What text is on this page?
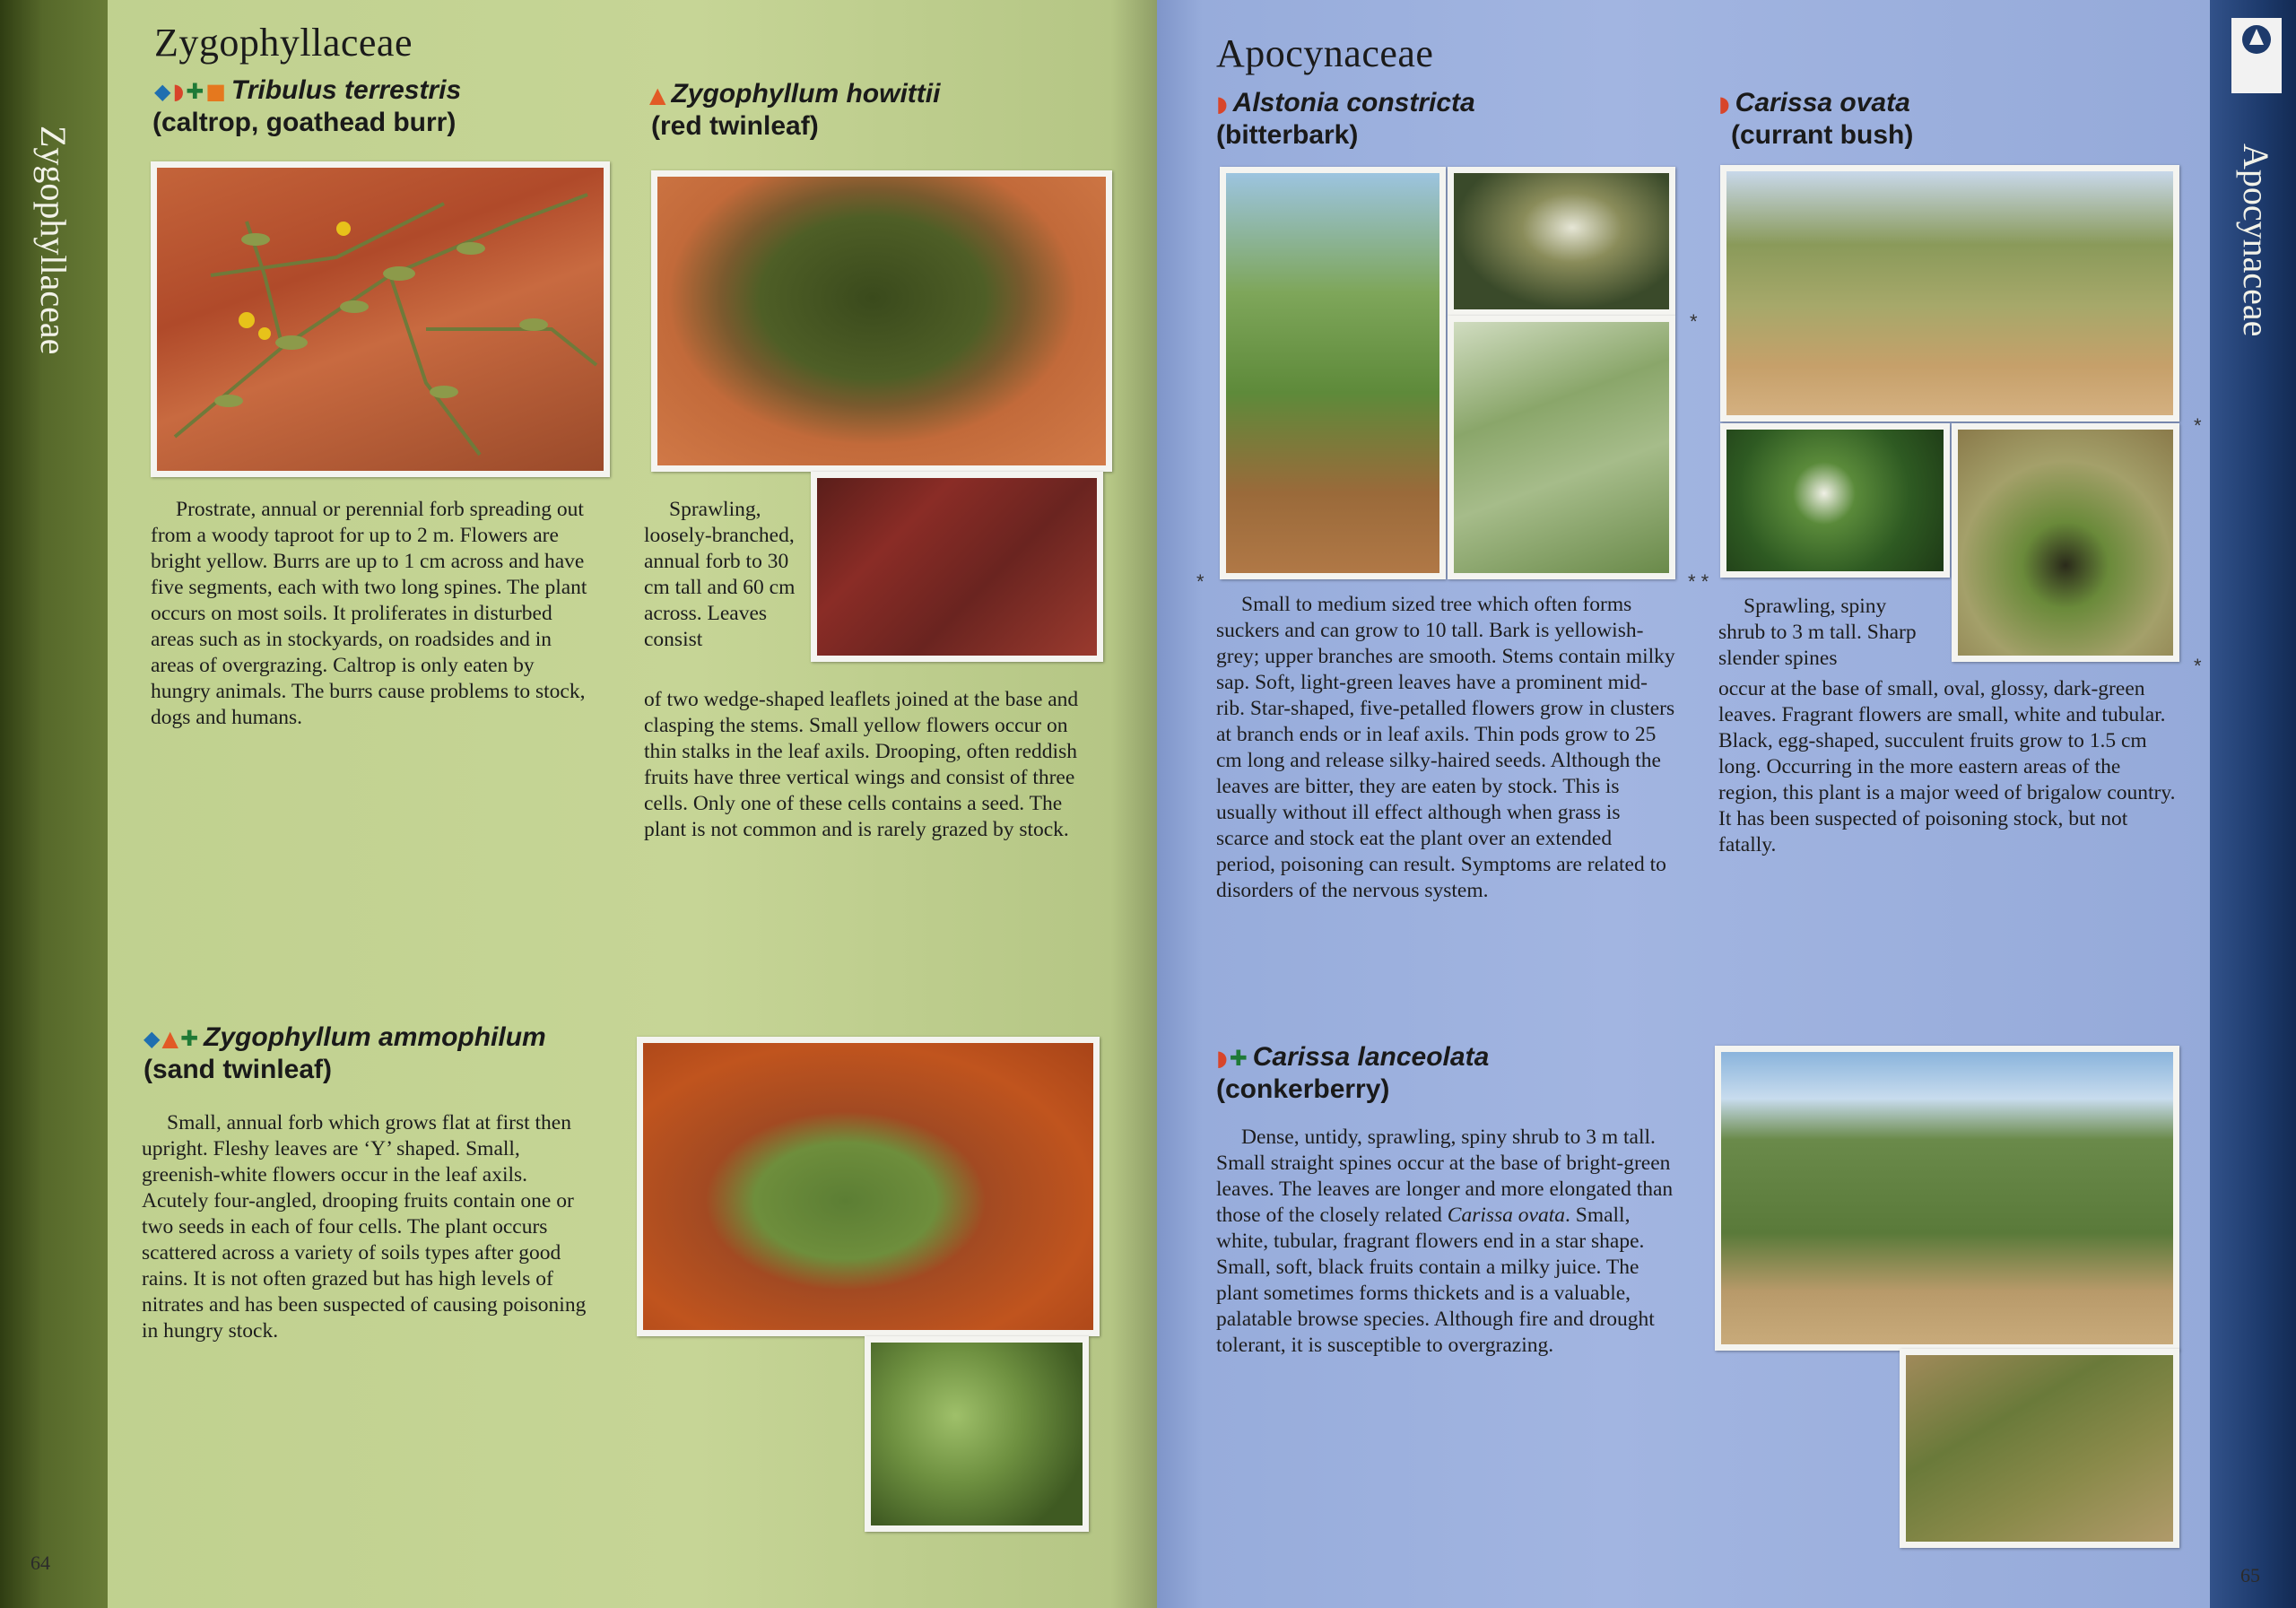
Zygophyllaceae
Zygophyllaceae
◆◗✚■ Tribulus terrestris
(caltrop, goathead burr)

Prostrate, annual or perennial forb spreading out from a woody taproot for up to 2 m. Flowers are bright yellow. Burrs are up to 1 cm across and have five segments, each with two long spines. The plant occurs on most soils. It proliferates in disturbed areas such as in stockyards, on roadsides and in areas of overgrazing. Caltrop is only eaten by hungry animals. The burrs cause problems to stock, dogs and humans.

▲ Zygophyllum howittii
(red twinleaf)

Sprawling, loosely-branched, annual forb to 30 cm tall and 60 cm across. Leaves consist

of two wedge-shaped leaflets joined at the base and clasping the stems. Small yellow flowers occur on thin stalks in the leaf axils. Drooping, often reddish fruits have three vertical wings and consist of three cells. Only one of these cells contains a seed. The plant is not common and is rarely grazed by stock.

◆▲✚ Zygophyllum ammophilum
(sand twinleaf)

Small, annual forb which grows flat at first then upright. Fleshy leaves are ‘Y’ shaped. Small, greenish-white flowers occur in the leaf axils. Acutely four-angled, drooping fruits contain one or two seeds in each of four cells. The plant occurs scattered across a variety of soils types after good rains. It is not often grazed but has high levels of nitrates and has been suspected of causing poisoning in hungry stock.

64
Apocynaceae
Apocynaceae
◗ Alstonia constricta
(bitterbark)
*
*
* *

Small to medium sized tree which often forms suckers and can grow to 10 tall. Bark is yellowish-grey; upper branches are smooth. Stems contain milky sap. Soft, light-green leaves have a prominent mid-rib. Star-shaped, five-petalled flowers grow in clusters at branch ends or in leaf axils. Thin pods grow to 25 cm long and release silky-haired seeds. Although the leaves are bitter, they are eaten by stock. This is usually without ill effect although when grass is scarce and stock eat the plant over an extended period, poisoning can result. Symptoms are related to disorders of the nervous system.

◗ Carissa ovata
(currant bush)
*
*

Sprawling, spiny shrub to 3 m tall. Sharp slender spines

occur at the base of small, oval, glossy, dark-green leaves. Fragrant flowers are small, white and tubular. Black, egg-shaped, succulent fruits grow to 1.5 cm long. Occurring in the more eastern areas of the region, this plant is a major weed of brigalow country. It has been suspected of poisoning stock, but not fatally.

◗✚ Carissa lanceolata
(conkerberry)

Dense, untidy, sprawling, spiny shrub to 3 m tall. Small straight spines occur at the base of bright-green leaves. The leaves are longer and more elongated than those of the closely related Carissa ovata. Small, white, tubular, fragrant flowers end in a star shape. Small, soft, black fruits contain a milky juice. The plant sometimes forms thickets and is a valuable, palatable browse species. Although fire and drought tolerant, it is susceptible to overgrazing.

65
